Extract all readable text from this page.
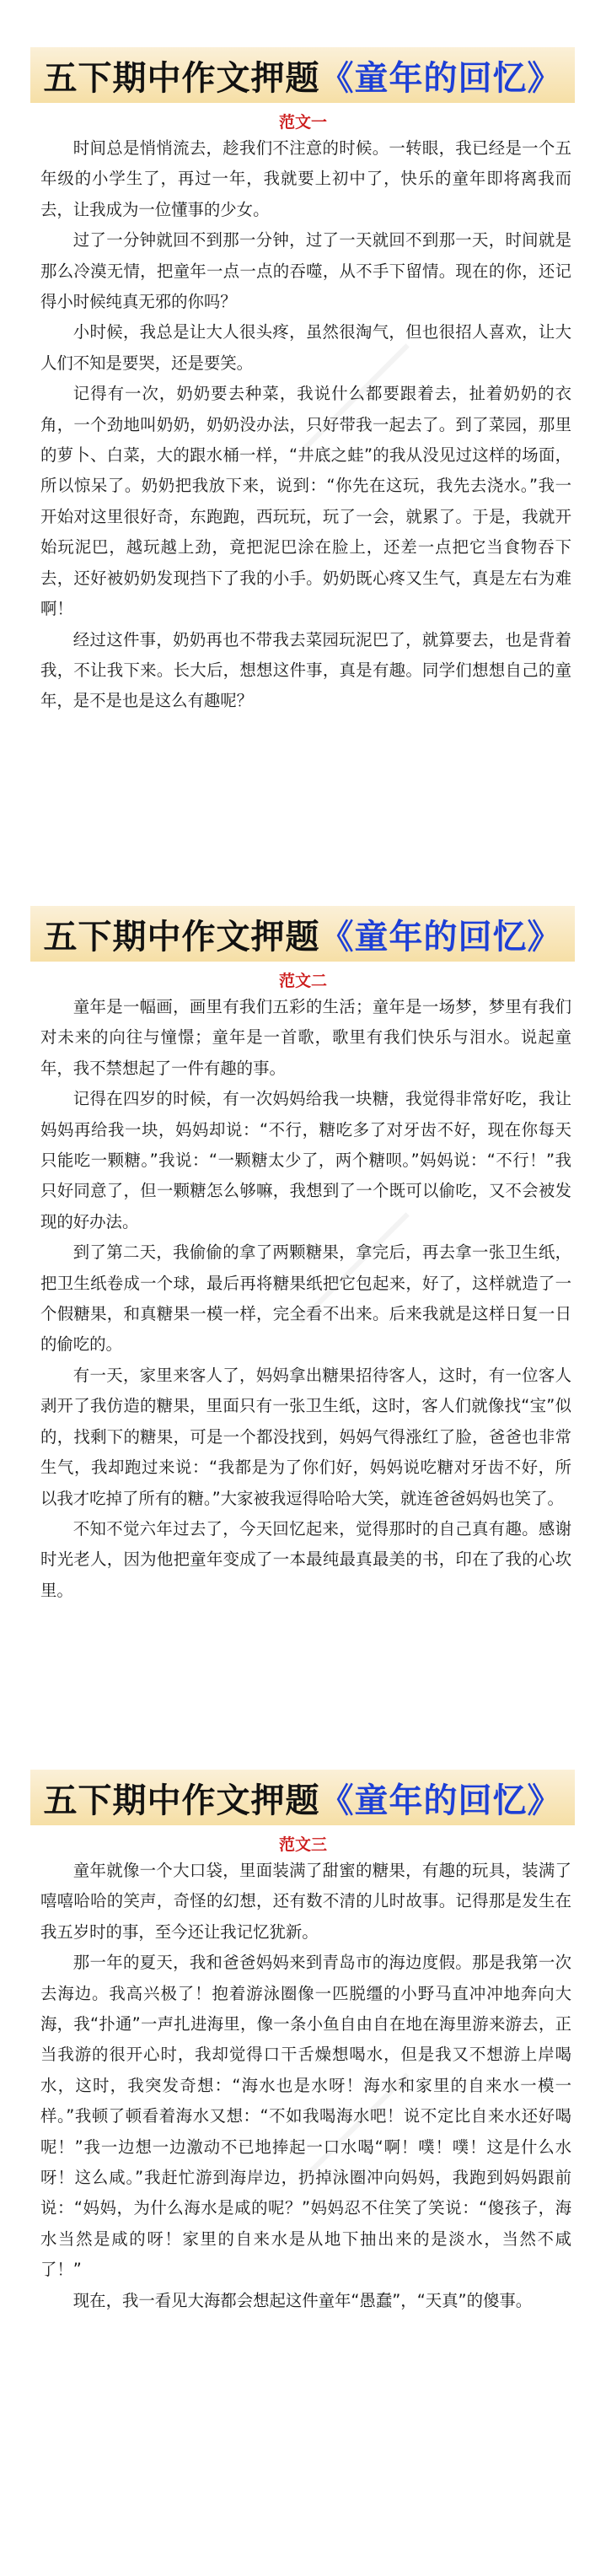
五下期中作文押题 《童年的回忆》
范文一

时间总是悄悄流去，趁我们不注意的时候。一转眼，我已经是一个五年级的小学生了，再过一年，我就要上初中了，快乐的童年即将离我而去，让我成为一位懂事的少女。

过了一分钟就回不到那一分钟，过了一天就回不到那一天，时间就是那么冷漠无情，把童年一点一点的吞噬，从不手下留情。现在的你，还记得小时候纯真无邪的你吗？

小时候，我总是让大人很头疼，虽然很淘气，但也很招人喜欢，让大人们不知是要哭，还是要笑。

记得有一次，奶奶要去种菜，我说什么都要跟着去，扯着奶奶的衣角，一个劲地叫奶奶，奶奶没办法，只好带我一起去了。到了菜园，那里的萝卜、白菜，大的跟水桶一样，“井底之蛙”的我从没见过这样的场面，所以惊呆了。奶奶把我放下来，说到：“你先在这玩，我先去浇水。”我一开始对这里很好奇，东跑跑，西玩玩，玩了一会，就累了。于是，我就开始玩泥巴，越玩越上劲，竟把泥巴涂在脸上，还差一点把它当食物吞下去，还好被奶奶发现挡下了我的小手。奶奶既心疼又生气，真是左右为难啊！

经过这件事，奶奶再也不带我去菜园玩泥巴了，就算要去，也是背着我，不让我下来。长大后，想想这件事，真是有趣。同学们想想自己的童年，是不是也是这么有趣呢？

五下期中作文押题 《童年的回忆》
范文二

童年是一幅画，画里有我们五彩的生活；童年是一场梦，梦里有我们对未来的向往与憧憬；童年是一首歌，歌里有我们快乐与泪水。说起童年，我不禁想起了一件有趣的事。

记得在四岁的时候，有一次妈妈给我一块糖，我觉得非常好吃，我让妈妈再给我一块，妈妈却说：“不行，糖吃多了对牙齿不好，现在你每天只能吃一颗糖。”我说：“一颗糖太少了，两个糖呗。”妈妈说：“不行！”我只好同意了，但一颗糖怎么够嘛，我想到了一个既可以偷吃，又不会被发现的好办法。

到了第二天，我偷偷的拿了两颗糖果，拿完后，再去拿一张卫生纸，把卫生纸卷成一个球，最后再将糖果纸把它包起来，好了，这样就造了一个假糖果，和真糖果一模一样，完全看不出来。后来我就是这样日复一日的偷吃的。

有一天，家里来客人了，妈妈拿出糖果招待客人，这时，有一位客人剥开了我仿造的糖果，里面只有一张卫生纸，这时，客人们就像找“宝”似的，找剩下的糖果，可是一个都没找到，妈妈气得涨红了脸，爸爸也非常生气，我却跑过来说：“我都是为了你们好，妈妈说吃糖对牙齿不好，所以我才吃掉了所有的糖。”大家被我逗得哈哈大笑，就连爸爸妈妈也笑了。

不知不觉六年过去了，今天回忆起来，觉得那时的自己真有趣。感谢时光老人，因为他把童年变成了一本最纯最真最美的书，印在了我的心坎里。

五下期中作文押题 《童年的回忆》
范文三

童年就像一个大口袋，里面装满了甜蜜的糖果，有趣的玩具，装满了嘻嘻哈哈的笑声，奇怪的幻想，还有数不清的儿时故事。记得那是发生在我五岁时的事，至今还让我记忆犹新。

那一年的夏天，我和爸爸妈妈来到青岛市的海边度假。那是我第一次去海边。我高兴极了！抱着游泳圈像一匹脱缰的小野马直冲冲地奔向大海，我“扑通”一声扎进海里，像一条小鱼自由自在地在海里游来游去，正当我游的很开心时，我却觉得口干舌燥想喝水，但是我又不想游上岸喝水，这时，我突发奇想：“海水也是水呀！海水和家里的自来水一模一样。”我顿了顿看着海水又想：“不如我喝海水吧！说不定比自来水还好喝呢！”我一边想一边激动不已地捧起一口水喝“啊！噗！噗！这是什么水呀！这么咸。”我赶忙游到海岸边，扔掉泳圈冲向妈妈，我跑到妈妈跟前说：“妈妈，为什么海水是咸的呢？”妈妈忍不住笑了笑说：“傻孩子，海水当然是咸的呀！家里的自来水是从地下抽出来的是淡水，当然不咸了！”

现在，我一看见大海都会想起这件童年“愚蠢”，“天真”的傻事。
